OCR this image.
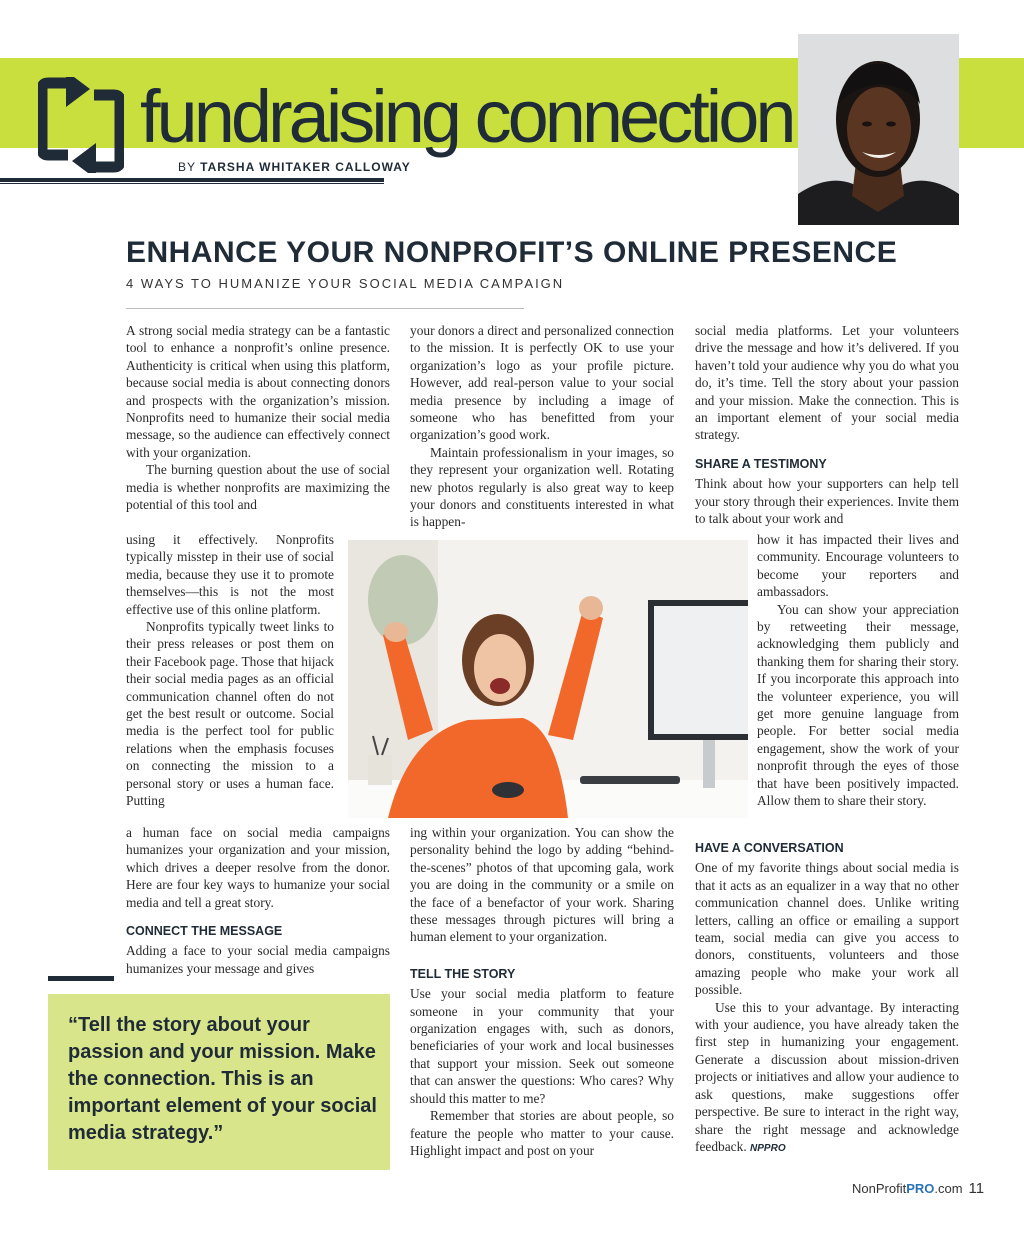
fundraising connection
BY TARSHA WHITAKER CALLOWAY
ENHANCE YOUR NONPROFIT’S ONLINE PRESENCE
4 WAYS TO HUMANIZE YOUR SOCIAL MEDIA CAMPAIGN

A strong social media strategy can be a fantastic tool to enhance a nonprofit’s online presence. Authenticity is critical when using this platform, because social media is about connecting donors and prospects with the organization’s mission. Nonprofits need to humanize their social media message, so the audience can effectively connect with your organization.

The burning question about the use of social media is whether nonprofits are maximizing the potential of this tool and

using it effectively. Nonprofits typically misstep in their use of social media, because they use it to promote themselves—this is not the most effective use of this online platform.

Nonprofits typically tweet links to their press releases or post them on their Facebook page. Those that hijack their social media pages as an official communication channel often do not get the best result or outcome. Social media is the perfect tool for public relations when the emphasis focuses on connecting the mission to a personal story or uses a human face. Putting

a human face on social media campaigns humanizes your organization and your mission, which drives a deeper resolve from the donor. Here are four key ways to humanize your social media and tell a great story.

CONNECT THE MESSAGE

Adding a face to your social media campaigns humanizes your message and gives

your donors a direct and personalized connection to the mission. It is perfectly OK to use your organization’s logo as your profile picture. However, add real-person value to your social media presence by including a image of someone who has benefitted from your organization’s good work.

Maintain professionalism in your images, so they represent your organization well. Rotating new photos regularly is also great way to keep your donors and constituents interested in what is happen-

ing within your organization. You can show the personality behind the logo by adding “behind-the-scenes” photos of that upcoming gala, work you are doing in the community or a smile on the face of a benefactor of your work. Sharing these messages through pictures will bring a human element to your organization.

TELL THE STORY

Use your social media platform to feature someone in your community that your organization engages with, such as donors, beneficiaries of your work and local businesses that support your mission. Seek out someone that can answer the questions: Who cares? Why should this matter to me?

Remember that stories are about people, so feature the people who matter to your cause. Highlight impact and post on your

social media platforms. Let your volunteers drive the message and how it’s delivered. If you haven’t told your audience why you do what you do, it’s time. Tell the story about your passion and your mission. Make the connection. This is an important element of your social media strategy.

SHARE A TESTIMONY

Think about how your supporters can help tell your story through their experiences. Invite them to talk about your work and

how it has impacted their lives and community. Encourage volunteers to become your reporters and ambassadors.

You can show your appreciation by retweeting their message, acknowledging them publicly and thanking them for sharing their story. If you incorporate this approach into the volunteer experience, you will get more genuine language from people. For better social media engagement, show the work of your nonprofit through the eyes of those that have been positively impacted. Allow them to share their story.

HAVE A CONVERSATION

One of my favorite things about social media is that it acts as an equalizer in a way that no other communication channel does. Unlike writing letters, calling an office or emailing a support team, social media can give you access to donors, constituents, volunteers and those amazing people who make your work all possible.

Use this to your advantage. By interacting with your audience, you have already taken the first step in humanizing your engagement. Generate a discussion about mission-driven projects or initiatives and allow your audience to ask questions, make suggestions offer perspective. Be sure to interact in the right way, share the right message and acknowledge feedback. NPPRO

“Tell the story about your passion and your mission. Make the connection. This is an important element of your social media strategy.”
NonProfitPRO.com 11
